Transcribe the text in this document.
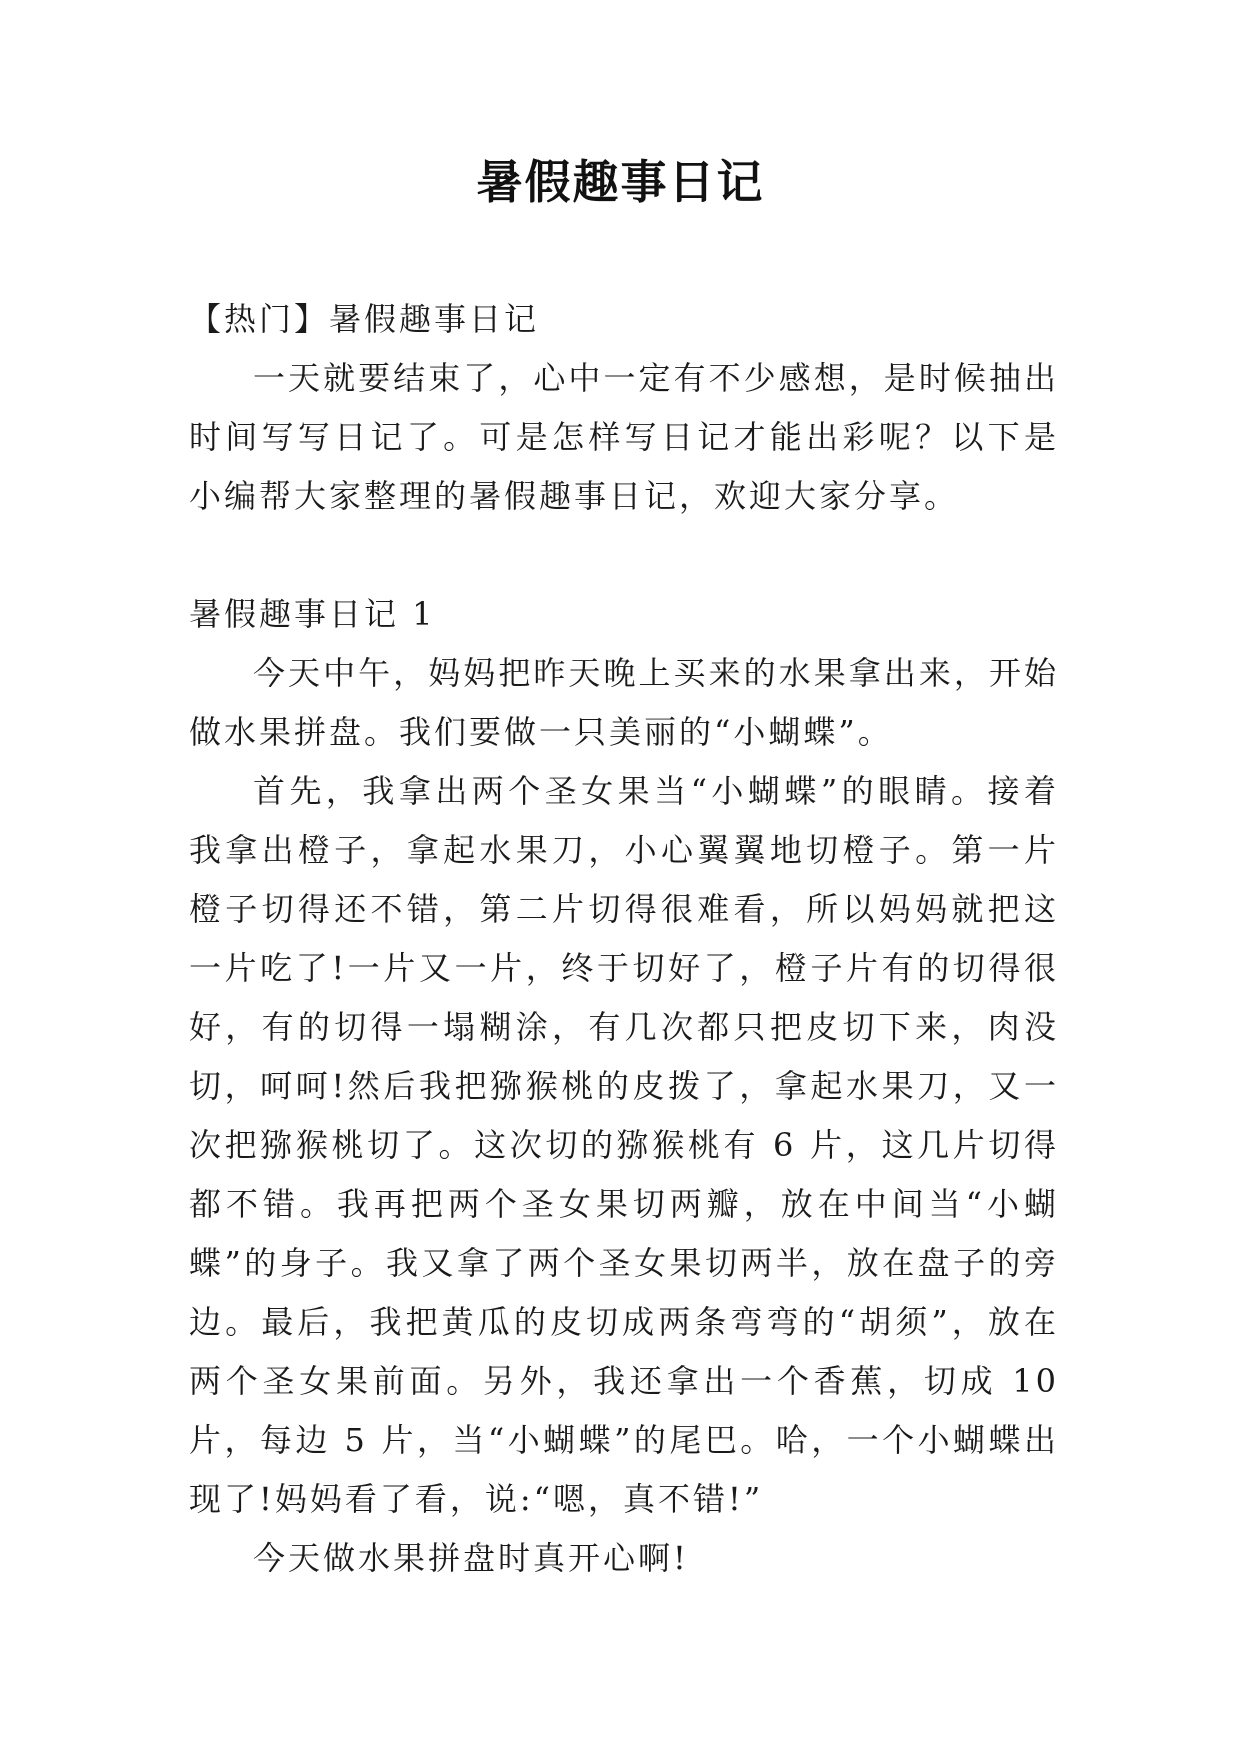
暑假趣事日记

【热门】暑假趣事日记

一天就要结束了，心中一定有不少感想，是时候抽出时间写写日记了。可是怎样写日记才能出彩呢？以下是小编帮大家整理的暑假趣事日记，欢迎大家分享。

暑假趣事日记 1

今天中午，妈妈把昨天晚上买来的水果拿出来，开始做水果拼盘。我们要做一只美丽的“小蝴蝶”。

首先，我拿出两个圣女果当“小蝴蝶”的眼睛。接着我拿出橙子，拿起水果刀，小心翼翼地切橙子。第一片橙子切得还不错，第二片切得很难看，所以妈妈就把这一片吃了!一片又一片，终于切好了，橙子片有的切得很好，有的切得一塌糊涂，有几次都只把皮切下来，肉没切，呵呵!然后我把猕猴桃的皮拨了，拿起水果刀，又一次把猕猴桃切了。这次切的猕猴桃有 6 片，这几片切得都不错。我再把两个圣女果切两瓣，放在中间当“小蝴蝶”的身子。我又拿了两个圣女果切两半，放在盘子的旁边。最后，我把黄瓜的皮切成两条弯弯的“胡须”，放在两个圣女果前面。另外，我还拿出一个香蕉，切成 10 片，每边 5 片，当“小蝴蝶”的尾巴。哈，一个小蝴蝶出现了!妈妈看了看，说:“嗯，真不错!”

今天做水果拼盘时真开心啊!
